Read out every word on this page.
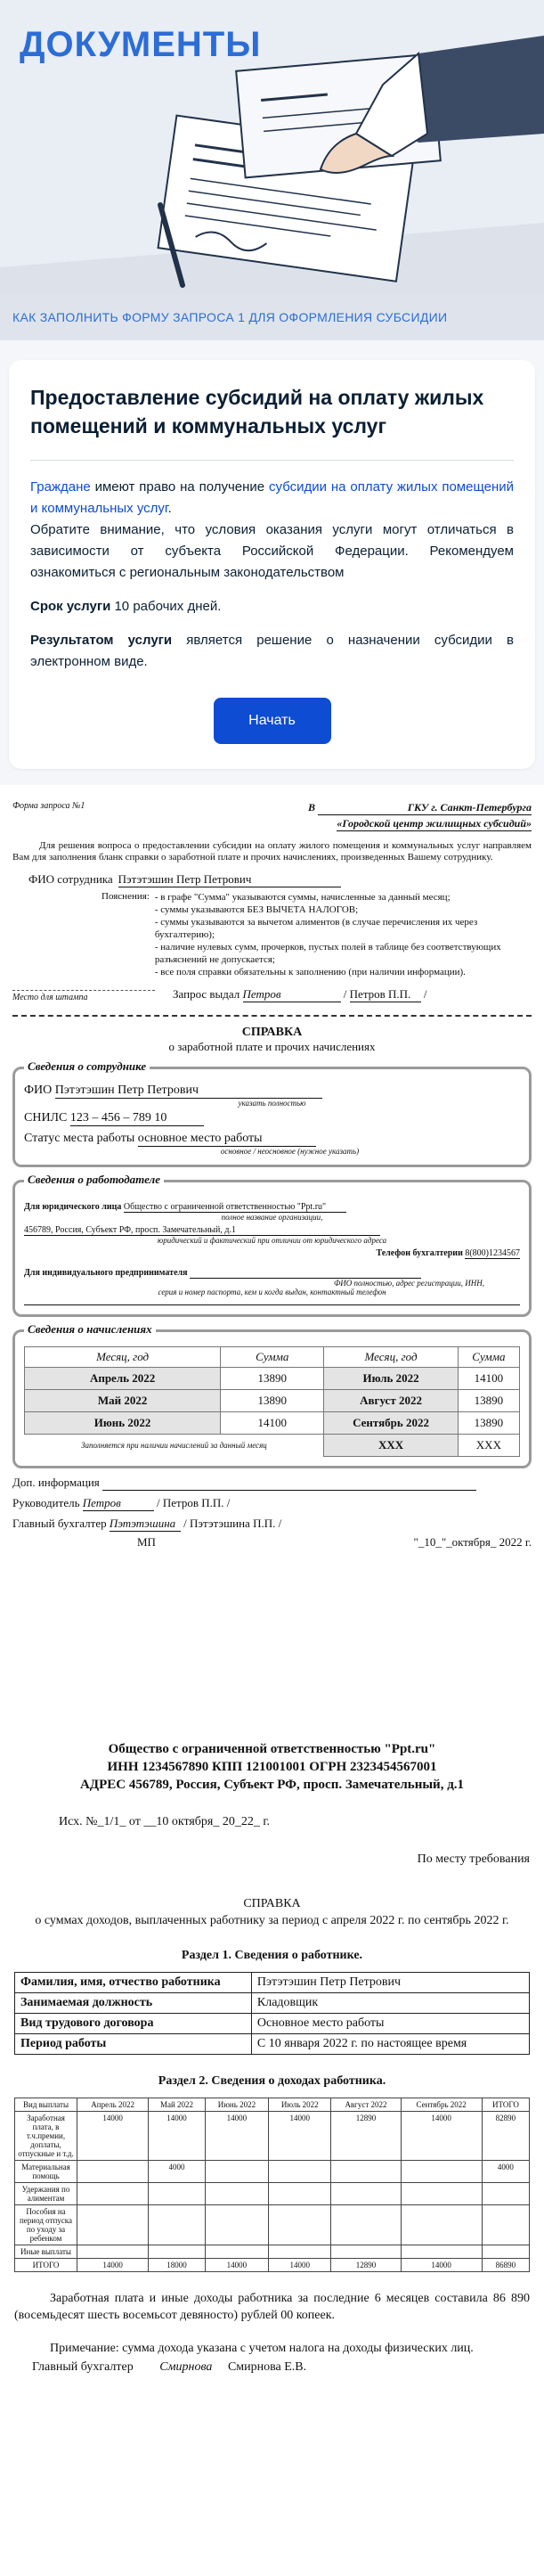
ДОКУМЕНТЫ
КАК ЗАПОЛНИТЬ ФОРМУ ЗАПРОСА 1 ДЛЯ ОФОРМЛЕНИЯ СУБСИДИИ
Предоставление субсидий на оплату жилых помещений и коммунальных услуг

Граждане имеют право на получение субсидии на оплату жилых помещений и коммунальных услуг.

Обратите внимание, что условия оказания услуги могут отличаться в зависимости от субъекта Российской Федерации. Рекомендуем ознакомиться с региональным законодательством

Срок услуги 10 рабочих дней.

Результатом услуги является решение о назначении субсидии в электронном виде.

Начать
Форма запроса №1	В	ГКУ г. Санкт-Петербурга
«Городской центр жилищных субсидий»

Для решения вопроса о предоставлении субсидии на оплату жилого помещения и коммунальных услуг направляем Вам для заполнения бланк справки о заработной плате и прочих начислениях, произведенных Вашему сотруднику.

ФИО сотрудника Пэтэтэшин Петр Петрович
Пояснения: - в графе "Сумма" указываются суммы, начисленные за данный месяц;
- суммы указываются БЕЗ ВЫЧЕТА НАЛОГОВ;
- суммы указываются за вычетом алиментов (в случае перечисления их через бухгалтерию);
- наличие нулевых сумм, прочерков, пустых полей в таблице без соответствующих разъяснений не допускается;
- все поля справки обязательны к заполнению (при наличии информации).
Место для штампа	Запрос выдал Петров	/ Петров П.П. /
СПРАВКА
о заработной плате и прочих начислениях
Сведения о сотруднике
ФИО Пэтэтэшин Петр Петрович
указать полностью
СНИЛС 123 – 456 – 789 10
Статус места работы основное место работы
основное / неосновное (нужное указать)
Сведения о работодателе
Для юридического лица Общество с ограниченной ответственностью "Ppt.ru"
полное название организации,
456789, Россия, Субъект РФ, просп. Замечательный, д.1
юридический и фактический при отличии от юридического адреса
Телефон бухгалтерии 8(800)1234567
Для индивидуального предпринимателя
ФИО полностью, адрес регистрации, ИНН,
серия и номер паспорта, кем и когда выдан, контактный телефон
Сведения о начислениях
Месяц, год	Сумма	Месяц, год	Сумма
Апрель 2022	13890	Июль 2022	14100
Май 2022	13890	Август 2022	13890
Июнь 2022	14100	Сентябрь 2022	13890
Заполняется при наличии начислений за данный месяц		ХХХ	ХХХ
Доп. информация
Руководитель Петров	/ Петров П.П. /
Главный бухгалтер Пэтэтэшина / Пэтэтэшина П.П. /
МП	"_10_"_октября_ 2022 г.
Общество с ограниченной ответственностью "Ppt.ru"
ИНН 1234567890 КПП 121001001 ОГРН 2323454567001
АДРЕС 456789, Россия, Субъект РФ, просп. Замечательный, д.1
Исх. №_1/1_ от __10 октября_ 20_22_ г.
По месту требования
СПРАВКА
о суммах доходов, выплаченных работнику за период с апреля 2022 г. по сентябрь 2022 г.
Раздел 1. Сведения о работнике.
Фамилия, имя, отчество работника	Пэтэтэшин Петр Петрович
Занимаемая должность	Кладовщик
Вид трудового договора	Основное место работы
Период работы	С 10 января 2022 г. по настоящее время
Раздел 2. Сведения о доходах работника.
Вид выплаты	Апрель 2022	Май 2022	Июнь 2022	Июль 2022	Август 2022	Сентябрь 2022	ИТОГО
Заработная плата, в т.ч.премии, доплаты, отпускные и т.д.	14000	14000	14000	14000	12890	14000	82890
Материальная помощь		4000					4000
Удержания по алиментам							
Пособия на период отпуска по уходу за ребенком							
Иные выплаты							
ИТОГО	14000	18000	14000	14000	12890	14000	86890

Заработная плата и иные доходы работника за последние 6 месяцев составила 86 890 (восемьдесят шесть восемьсот девяносто) рублей 00 копеек.

Примечание: сумма дохода указана с учетом налога на доходы физических лиц.

Главный бухгалтер Смирнова Смирнова Е.В.
